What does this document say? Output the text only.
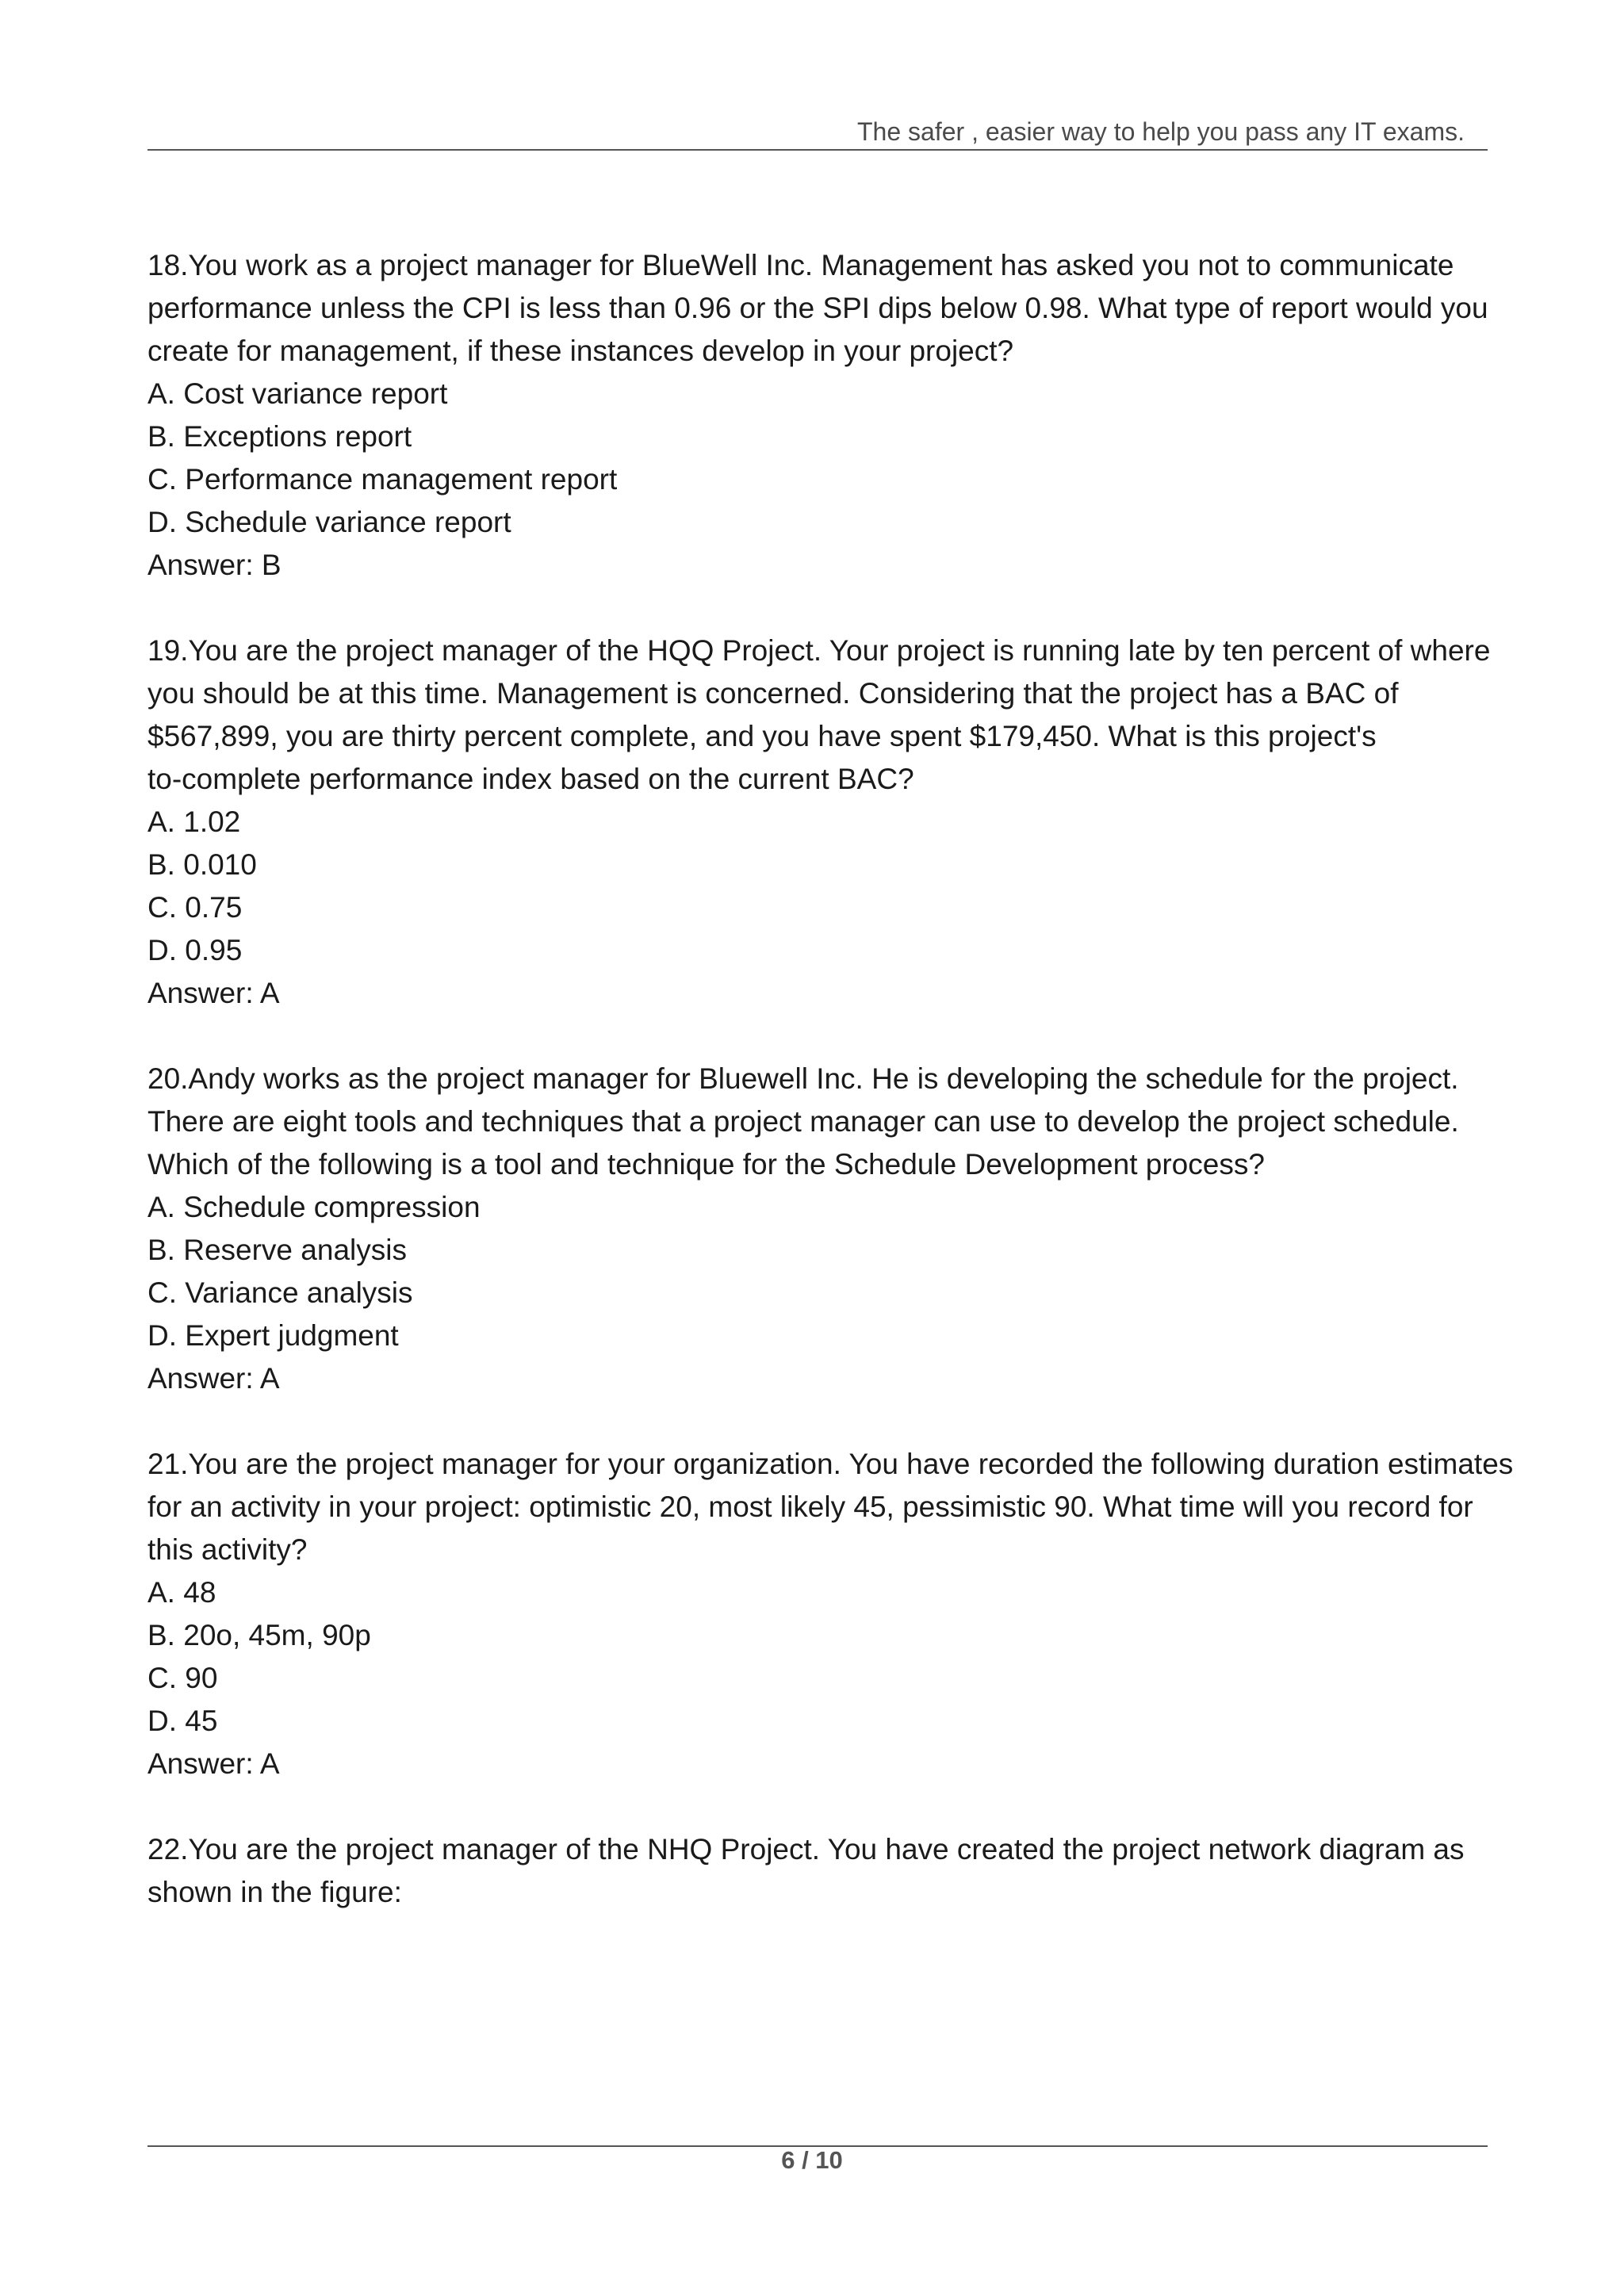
The safer , easier way to help you pass any IT exams.
18.You work as a project manager for BlueWell Inc. Management has asked you not to communicate
performance unless the CPI is less than 0.96 or the SPI dips below 0.98. What type of report would you
create for management, if these instances develop in your project?
A. Cost variance report
B. Exceptions report
C. Performance management report
D. Schedule variance report
Answer: B
19.You are the project manager of the HQQ Project. Your project is running late by ten percent of where
you should be at this time. Management is concerned. Considering that the project has a BAC of
$567,899, you are thirty percent complete, and you have spent $179,450. What is this project's
to-complete performance index based on the current BAC?
A. 1.02
B. 0.010
C. 0.75
D. 0.95
Answer: A
20.Andy works as the project manager for Bluewell Inc. He is developing the schedule for the project.
There are eight tools and techniques that a project manager can use to develop the project schedule.
Which of the following is a tool and technique for the Schedule Development process?
A. Schedule compression
B. Reserve analysis
C. Variance analysis
D. Expert judgment
Answer: A
21.You are the project manager for your organization. You have recorded the following duration estimates
for an activity in your project: optimistic 20, most likely 45, pessimistic 90. What time will you record for
this activity?
A. 48
B. 20o, 45m, 90p
C. 90
D. 45
Answer: A
22.You are the project manager of the NHQ Project. You have created the project network diagram as
shown in the figure:
6 / 10
